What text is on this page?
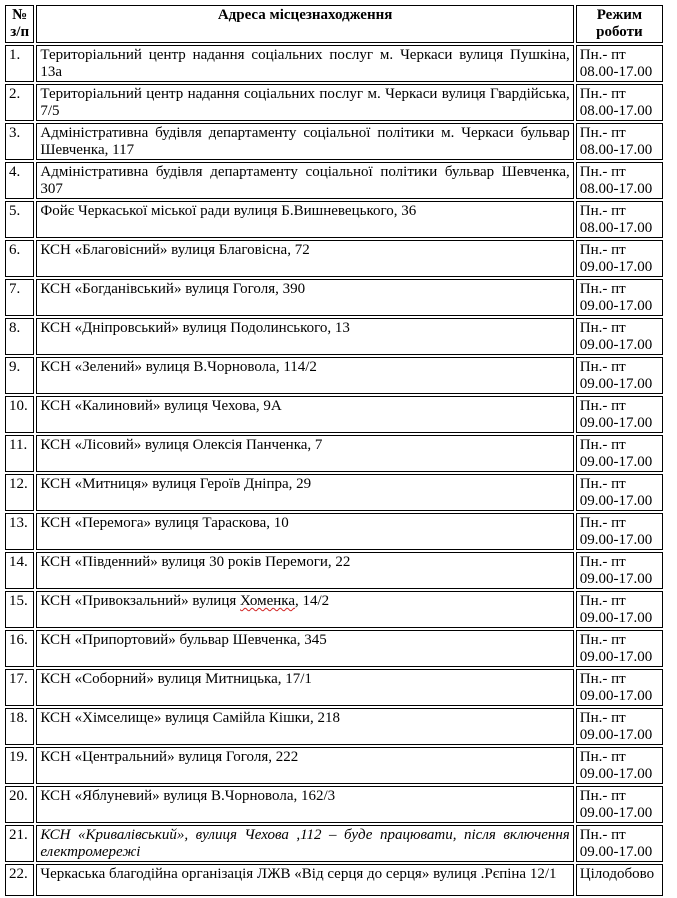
№ з/п	Адреса місцезнаходження	Режим роботи
1.	Територіальний центр надання соціальних послуг м. Черкаси вулиця Пушкіна, 13а	Пн.- пт
08.00-17.00

2.	Територіальний центр надання соціальних послуг м. Черкаси вулиця Гвардійська, 7/5	Пн.- пт
08.00-17.00

3.	Адміністративна будівля департаменту соціальної політики м. Черкаси бульвар Шевченка, 117	Пн.- пт
08.00-17.00

4.	Адміністративна будівля департаменту соціальної політики бульвар Шевченка, 307	Пн.- пт
08.00-17.00

5.	Фойє Черкаської міської ради вулиця Б.Вишневецького, 36	Пн.- пт
08.00-17.00

6.	КСН «Благовісний» вулиця Благовісна, 72	Пн.- пт
09.00-17.00

7.	КСН «Богданівський» вулиця Гоголя, 390	Пн.- пт
09.00-17.00

8.	КСН «Дніпровський» вулиця Подолинського, 13	Пн.- пт
09.00-17.00

9.	КСН «Зелений» вулиця В.Чорновола, 114/2	Пн.- пт
09.00-17.00

10.	КСН «Калиновий» вулиця Чехова, 9А	Пн.- пт
09.00-17.00

11.	КСН «Лісовий» вулиця Олексія Панченка, 7	Пн.- пт
09.00-17.00

12.	КСН «Митниця» вулиця Героїв Дніпра, 29	Пн.- пт
09.00-17.00

13.	КСН «Перемога» вулиця Тараскова, 10	Пн.- пт
09.00-17.00

14.	КСН «Південний» вулиця 30 років Перемоги, 22	Пн.- пт
09.00-17.00

15.	КСН «Привокзальний» вулиця Хоменка, 14/2	Пн.- пт
09.00-17.00

16.	КСН «Припортовий» бульвар Шевченка, 345	Пн.- пт
09.00-17.00

17.	КСН «Соборний» вулиця Митницька, 17/1	Пн.- пт
09.00-17.00

18.	КСН «Хімселище» вулиця Самійла Кішки, 218	Пн.- пт
09.00-17.00

19.	КСН «Центральний» вулиця Гоголя, 222	Пн.- пт
09.00-17.00

20.	КСН «Яблуневий» вулиця В.Чорновола, 162/3	Пн.- пт
09.00-17.00

21.	КСН «Кривалівський», вулиця Чехова ,112 – буде працювати, після включення електромережі	Пн.- пт
09.00-17.00

22.	Черкаська благодійна організація ЛЖВ «Від серця до серця» вулиця .Рєпіна 12/1	Цілодобово
